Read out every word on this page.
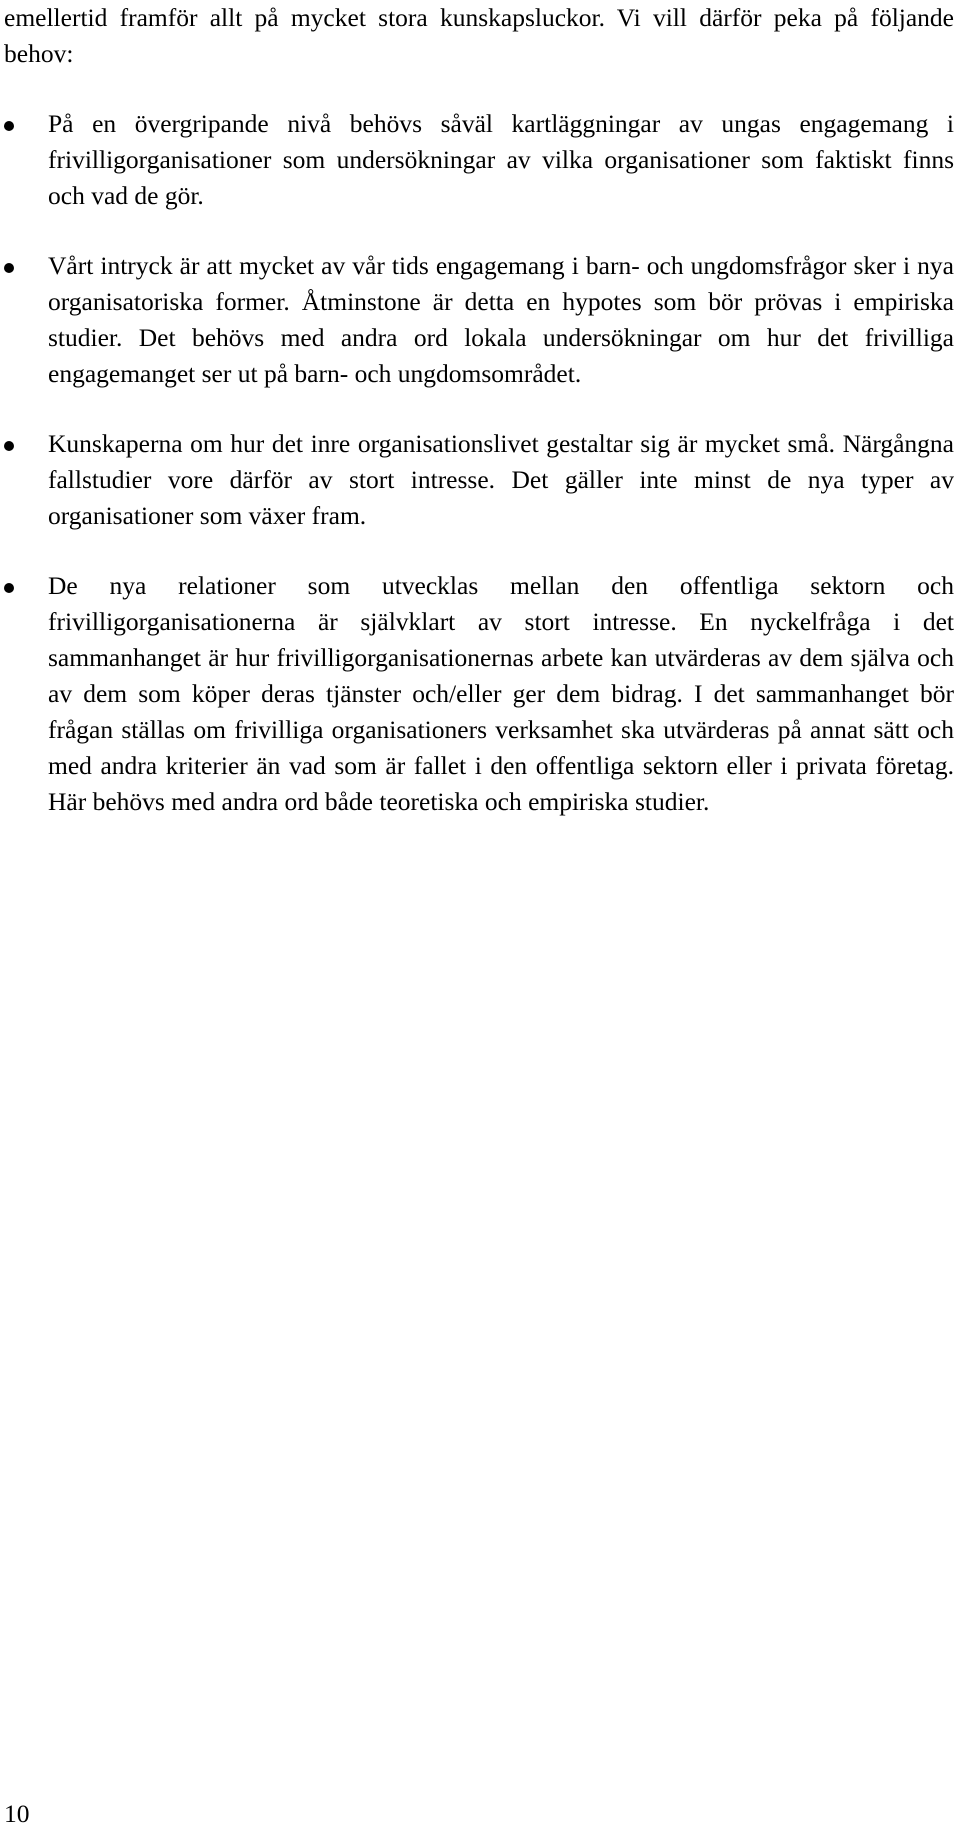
emellertid framför allt på mycket stora kunskapsluckor. Vi vill därför peka på följande behov:

På en övergripande nivå behövs såväl kartläggningar av ungas engagemang i frivilligorganisationer som undersökningar av vilka organisationer som faktiskt finns och vad de gör.
Vårt intryck är att mycket av vår tids engagemang i barn- och ungdomsfrågor sker i nya organisatoriska former. Åtminstone är detta en hypotes som bör prövas i empiriska studier. Det behövs med andra ord lokala undersökningar om hur det frivilliga engagemanget ser ut på barn- och ungdomsområdet.
Kunskaperna om hur det inre organisationslivet gestaltar sig är mycket små. Närgångna fallstudier vore därför av stort intresse. Det gäller inte minst de nya typer av organisationer som växer fram.
De nya relationer som utvecklas mellan den offentliga sektorn och frivilligorganisationerna är självklart av stort intresse. En nyckelfråga i det sammanhanget är hur frivilligorganisationernas arbete kan utvärderas av dem själva och av dem som köper deras tjänster och/eller ger dem bidrag. I det sammanhanget bör frågan ställas om frivilliga organisationers verksamhet ska utvärderas på annat sätt och med andra kriterier än vad som är fallet i den offentliga sektorn eller i privata företag. Här behövs med andra ord både teoretiska och empiriska studier.
10
